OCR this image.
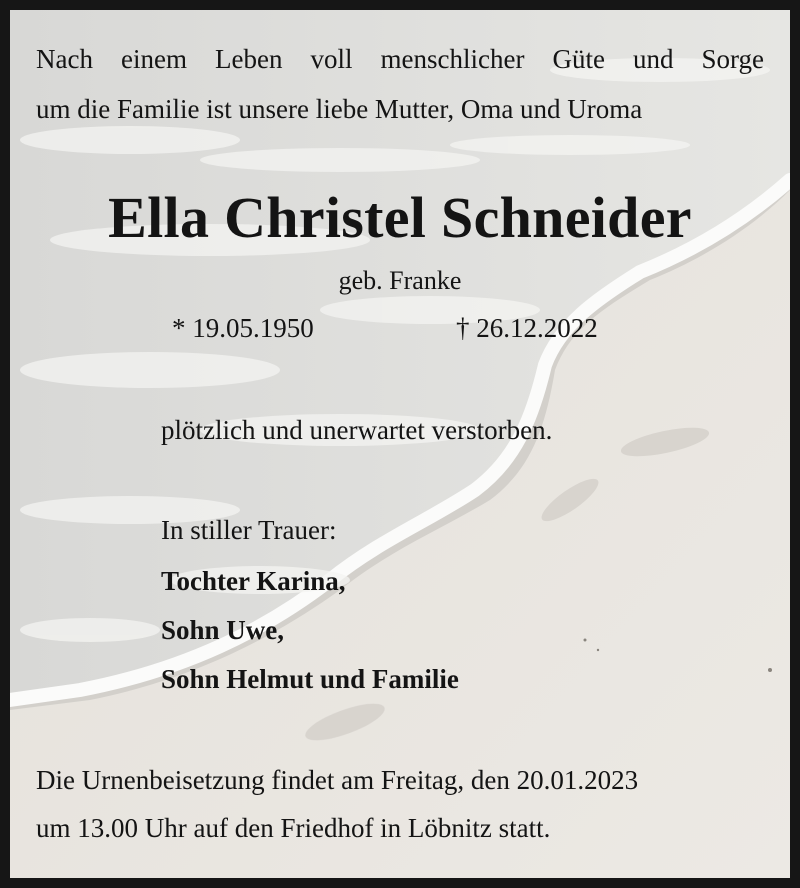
Nach einem Leben voll menschlicher Güte und Sorge
um die Familie ist unsere liebe Mutter, Oma und Uroma
Ella Christel Schneider
geb. Franke
* 19.05.1950	† 26.12.2022
plötzlich und unerwartet verstorben.
In stiller Trauer:
Tochter Karina,
Sohn Uwe,
Sohn Helmut und Familie
Die Urnenbeisetzung findet am Freitag, den 20.01.2023
um 13.00 Uhr auf den Friedhof in Löbnitz statt.
